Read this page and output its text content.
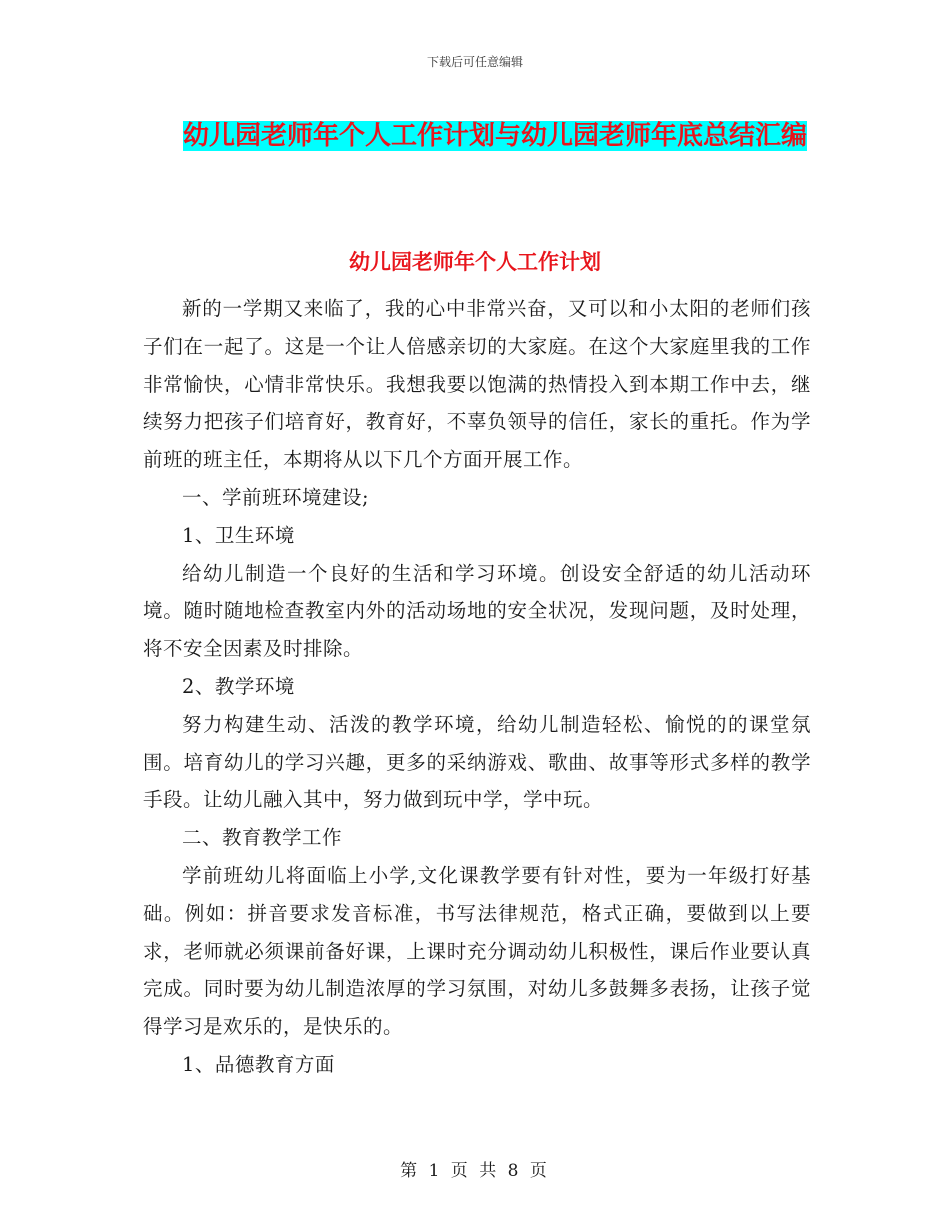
下载后可任意编辑
幼儿园老师年个人工作计划与幼儿园老师年底总结汇编
幼儿园老师年个人工作计划

新的一学期又来临了，我的心中非常兴奋，又可以和小太阳的老师们孩子们在一起了。这是一个让人倍感亲切的大家庭。在这个大家庭里我的工作非常愉快，心情非常快乐。我想我要以饱满的热情投入到本期工作中去，继续努力把孩子们培育好，教育好，不辜负领导的信任，家长的重托。作为学前班的班主任，本期将从以下几个方面开展工作。

一、学前班环境建设;

1、卫生环境

给幼儿制造一个良好的生活和学习环境。创设安全舒适的幼儿活动环境。随时随地检查教室内外的活动场地的安全状况，发现问题，及时处理，将不安全因素及时排除。

2、教学环境

努力构建生动、活泼的教学环境，给幼儿制造轻松、愉悦的的课堂氛围。培育幼儿的学习兴趣，更多的采纳游戏、歌曲、故事等形式多样的教学手段。让幼儿融入其中，努力做到玩中学，学中玩。

二、教育教学工作

学前班幼儿将面临上小学,文化课教学要有针对性，要为一年级打好基础。例如：拼音要求发音标准，书写法律规范，格式正确，要做到以上要求，老师就必须课前备好课，上课时充分调动幼儿积极性，课后作业要认真完成。同时要为幼儿制造浓厚的学习氛围，对幼儿多鼓舞多表扬，让孩子觉得学习是欢乐的，是快乐的。

1、品德教育方面

第 1 页 共 8 页
